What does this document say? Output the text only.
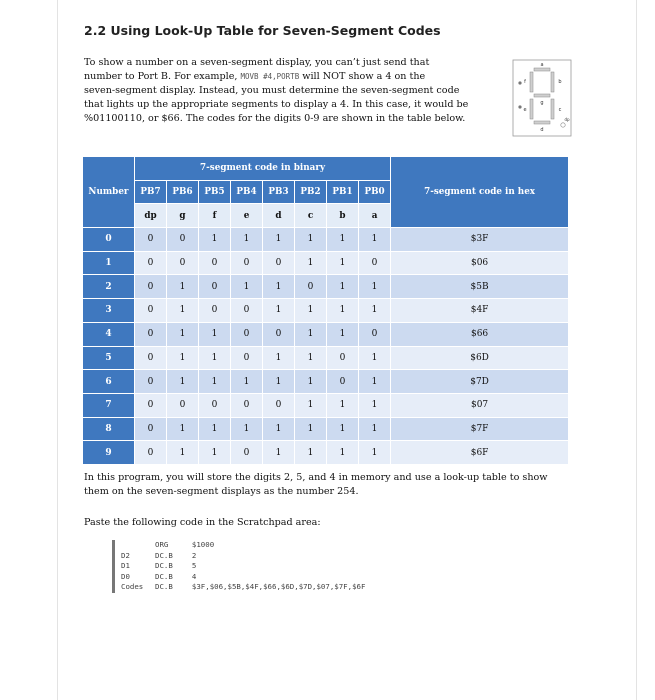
2.2 Using Look-Up Table for Seven-Segment Codes

To show a number on a seven-segment display, you can’t just send that

number to Port B. For example, MOVB #4,PORTB will NOT show a 4 on the

seven-segment display. Instead, you must determine the seven-segment code

that lights up the appropriate segments to display a 4. In this case, it would be

%01100110, or $66. The codes for the digits 0-9 are shown in the table below.

a
b
c
d
e
f
g
dp
Number	7-segment code in binary								7-segment code in hex
	PB7	PB6	PB5	PB4	PB3	PB2	PB1	PB0	
	dp	g	f	e	d	c	b	a	
0	0	0	1	1	1	1	1	1	$3F
1	0	0	0	0	0	1	1	0	$06
2	0	1	0	1	1	0	1	1	$5B
3	0	1	0	0	1	1	1	1	$4F
4	0	1	1	0	0	1	1	0	$66
5	0	1	1	0	1	1	0	1	$6D
6	0	1	1	1	1	1	0	1	$7D
7	0	0	0	0	0	1	1	1	$07
8	0	1	1	1	1	1	1	1	$7F
9	0	1	1	0	1	1	1	1	$6F

In this program, you will store the digits 2, 5, and 4 in memory and use a look-up table to show

them on the seven-segment displays as the number 254.

Paste the following code in the Scratchpad area:
ORG	$1000
D2	DC.B	2
D1	DC.B	5
D0	DC.B	4
Codes	DC.B	$3F,$06,$5B,$4F,$66,$6D,$7D,$07,$7F,$6F
